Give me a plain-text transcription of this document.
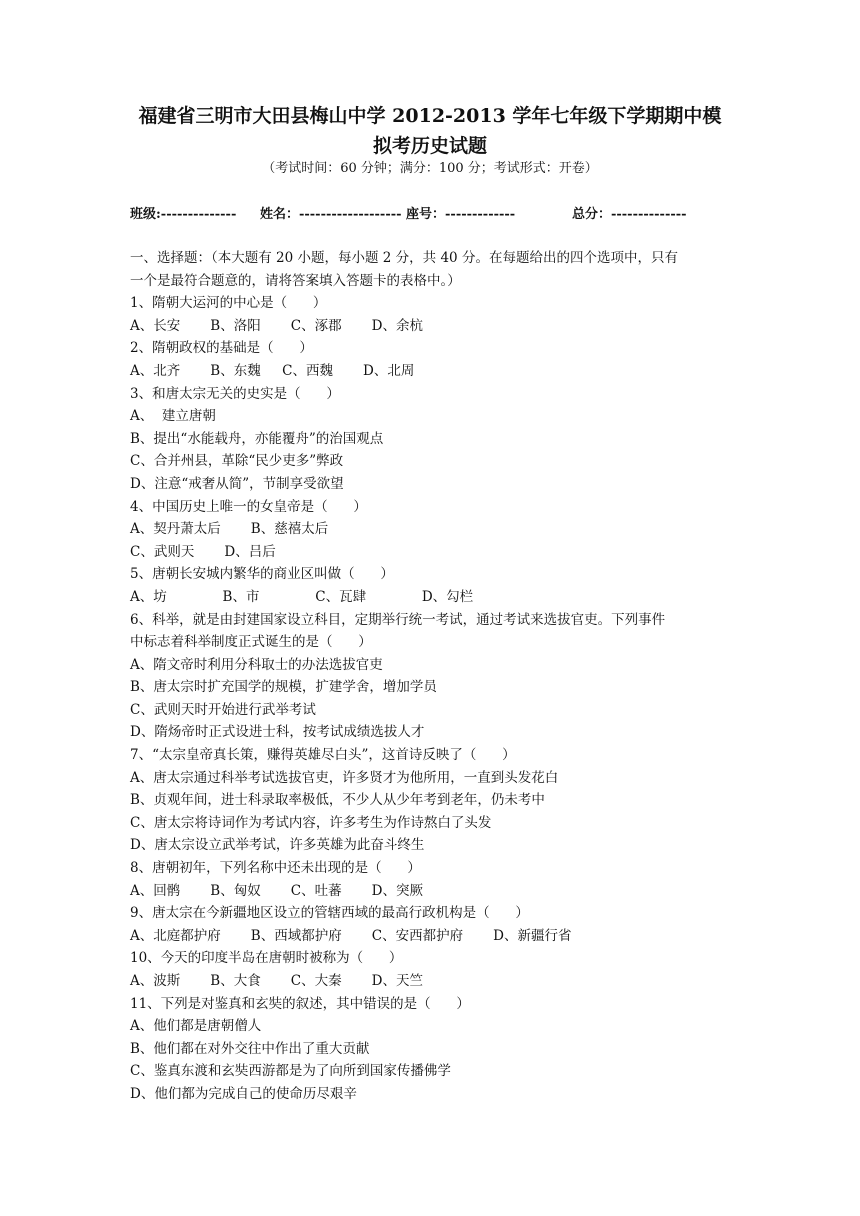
福建省三明市大田县梅山中学 2012-2013 学年七年级下学期期中模
拟考历史试题
（考试时间：60 分钟；满分：100 分；考试形式：开卷）
班级:-------------- 姓名：------------------- 座号：-------------	总分：--------------
一、选择题：（本大题有 20 小题，每小题 2 分，共 40 分。在每题给出的四个选项中，只有
一个是最符合题意的，请将答案填入答题卡的表格中。）
1、隋朝大运河的中心是（      ）
A、长安       B、洛阳       C、涿郡       D、余杭
2、隋朝政权的基础是（      ）
A、北齐       B、东魏     C、西魏       D、北周
3、和唐太宗无关的史实是（      ）
A、  建立唐朝
B、提出“水能载舟，亦能覆舟”的治国观点
C、合并州县，革除“民少吏多”弊政
D、注意“戒奢从简”，节制享受欲望
4、中国历史上唯一的女皇帝是（      ）
A、契丹萧太后       B、慈禧太后
C、武则天       D、吕后
5、唐朝长安城内繁华的商业区叫做（      ）
A、坊             B、市             C、瓦肆             D、勾栏
6、科举，就是由封建国家设立科目，定期举行统一考试，通过考试来选拔官吏。下列事件
中标志着科举制度正式诞生的是（      ）
A、隋文帝时利用分科取士的办法选拔官吏
B、唐太宗时扩充国学的规模，扩建学舍，增加学员
C、武则天时开始进行武举考试
D、隋炀帝时正式设进士科，按考试成绩选拔人才
7、“太宗皇帝真长策，赚得英雄尽白头”，这首诗反映了（      ）
A、唐太宗通过科举考试选拔官吏，许多贤才为他所用，一直到头发花白
B、贞观年间，进士科录取率极低，不少人从少年考到老年，仍未考中
C、唐太宗将诗词作为考试内容，许多考生为作诗熬白了头发
D、唐太宗设立武举考试，许多英雄为此奋斗终生
8、唐朝初年，下列名称中还未出现的是（      ）
A、回鹘       B、匈奴       C、吐蕃       D、突厥
9、唐太宗在今新疆地区设立的管辖西域的最高行政机构是（      ）
A、北庭都护府       B、西域都护府       C、安西都护府       D、新疆行省
10、今天的印度半岛在唐朝时被称为（      ）
A、波斯       B、大食       C、大秦       D、天竺
11、下列是对鉴真和玄奘的叙述，其中错误的是（      ）
A、他们都是唐朝僧人
B、他们都在对外交往中作出了重大贡献
C、鉴真东渡和玄奘西游都是为了向所到国家传播佛学
D、他们都为完成自己的使命历尽艰辛
